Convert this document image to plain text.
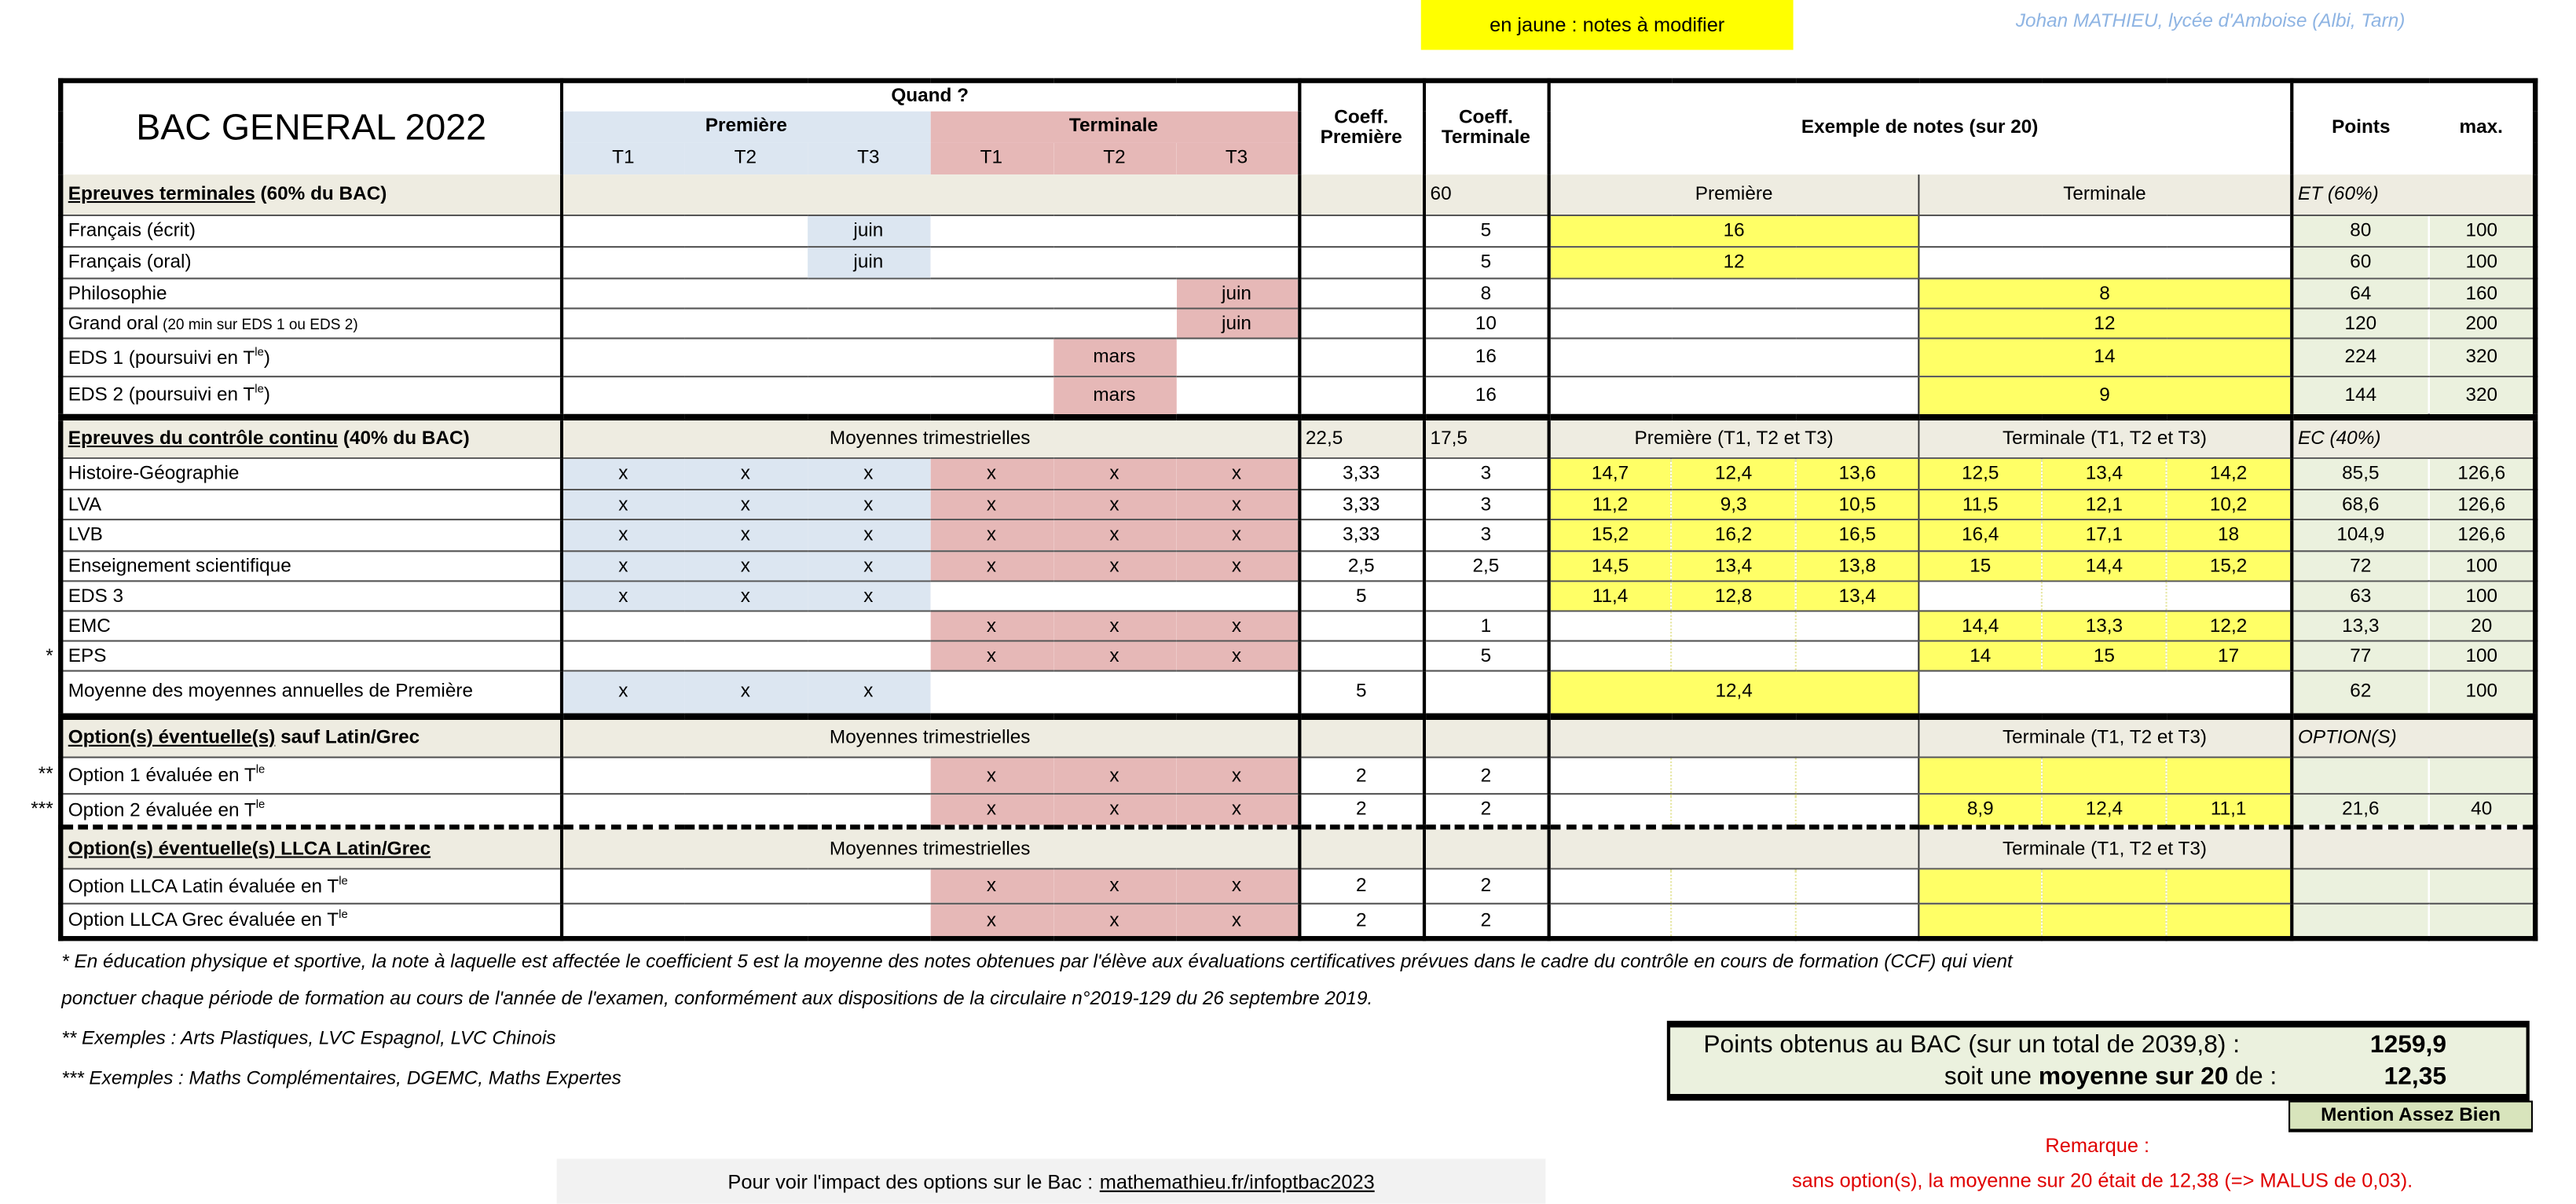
en jaune : notes à modifier	Johan MATHIEU, lycée d'Amboise (Albi, Tarn)
BAC GENERAL 2022	Quand ?						Coeff.
Première	Coeff.
Terminale	Exemple de notes (sur 20)						Points	max.
	Première			Terminale												
	T1	T2	T3	T1	T2	T3										
Epreuves terminales (60% du BAC)								60	Première			Terminale			ET (60%)	
Français (écrit)			juin					5	16						80	100
Français (oral)			juin					5	12						60	100
Philosophie						juin		8				8			64	160
Grand oral (20 min sur EDS 1 ou EDS 2)						juin		10				12			120	200
EDS 1 (poursuivi en $T^{le}$)					mars			16				14			224	320
EDS 2 (poursuivi en $T^{le}$)					mars			16				9			144	320
Epreuves du contrôle continu (40% du BAC)	Moyennes trimestrielles						22,5	17,5	Première (T1, T2 et T3)			Terminale (T1, T2 et T3)			EC (40%)	
Histoire-Géographie	x	x	x	x	x	x	3,33	3	14,7	12,4	13,6	12,5	13,4	14,2	85,5	126,6
LVA	x	x	x	x	x	x	3,33	3	11,2	9,3	10,5	11,5	12,1	10,2	68,6	126,6
LVB	x	x	x	x	x	x	3,33	3	15,2	16,2	16,5	16,4	17,1	18	104,9	126,6
Enseignement scientifique	x	x	x	x	x	x	2,5	2,5	14,5	13,4	13,8	15	14,4	15,2	72	100
EDS 3	x	x	x				5		11,4	12,8	13,4				63	100
EMC				x	x	x		1				14,4	13,3	12,2	13,3	20

* EPS				x	x	x		5				14	15	17	77	100
Moyenne des moyennes annuelles de Première	x	x	x				5		12,4						62	100
Option(s) éventuelle(s) sauf Latin/Grec	Moyennes trimestrielles											Terminale (T1, T2 et T3)			OPTION(S)	

** Option 1 évaluée en $T^{le}$				x	x	x	2	2								

*** Option 2 évaluée en $T^{le}$				x	x	x	2	2				8,9	12,4	11,1	21,6	40
Option(s) éventuelle(s) LLCA Latin/Grec	Moyennes trimestrielles											Terminale (T1, T2 et T3)				
Option LLCA Latin évaluée en $T^{le}$				x	x	x	2	2								
Option LLCA Grec évaluée en $T^{le}$				x	x	x	2	2								
* En éducation physique et sportive, la note à laquelle est affectée le coefficient 5 est la moyenne des notes obtenues par l'élève aux évaluations certificatives prévues dans le cadre du contrôle en cours de formation (CCF) qui vient
ponctuer chaque période de formation au cours de l'année de l'examen, conformément aux dispositions de la circulaire n°2019-129 du 26 septembre 2019.
** Exemples : Arts Plastiques, LVC Espagnol, LVC Chinois
*** Exemples : Maths Complémentaires, DGEMC, Maths Expertes
Points obtenus au BAC (sur un total de 2039,8) :	1259,9
soit une moyenne sur 20 de :	12,35
Mention Assez Bien
Remarque :
sans option(s), la moyenne sur 20 était de 12,38 (=> MALUS de 0,03).
Pour voir l'impact des options sur le Bac : mathemathieu.fr/infoptbac2023
